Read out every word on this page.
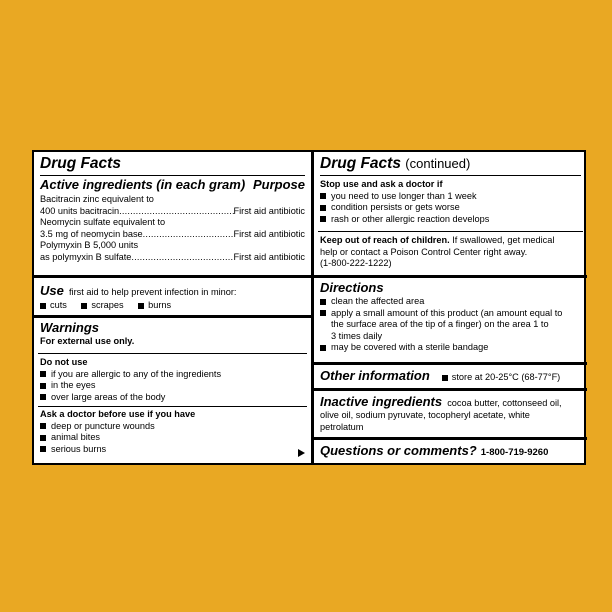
Drug Facts
Active ingredients (in each gram) Purpose
Bacitracin zinc equivalent to
400 units bacitracin .....	First aid antibiotic
Neomycin sulfate equivalent to
3.5 mg of neomycin base .....	First aid antibiotic
Polymyxin B 5,000 units
as polymyxin B sulfate .....	First aid antibiotic
Use first aid to help prevent infection in minor:
cuts	scrapes	burns
Warnings
For external use only.
Do not use
if you are allergic to any of the ingredients
in the eyes
over large areas of the body
Ask a doctor before use if you have
deep or puncture wounds
animal bites
serious burns
Drug Facts (continued)
Stop use and ask a doctor if
you need to use longer than 1 week
condition persists or gets worse
rash or other allergic reaction develops
Keep out of reach of children. If swallowed, get medical
help or contact a Poison Control Center right away.
(1-800-222-1222)
Directions
clean the affected area
apply a small amount of this product (an amount equal to
the surface area of the tip of a finger) on the area 1 to
3 times daily
may be covered with a sterile bandage
Other information	store at 20-25°C (68-77°F)
Inactive ingredients cocoa butter, cottonseed oil,
olive oil, sodium pyruvate, tocopheryl acetate, white
petrolatum
Questions or comments? 1-800-719-9260
